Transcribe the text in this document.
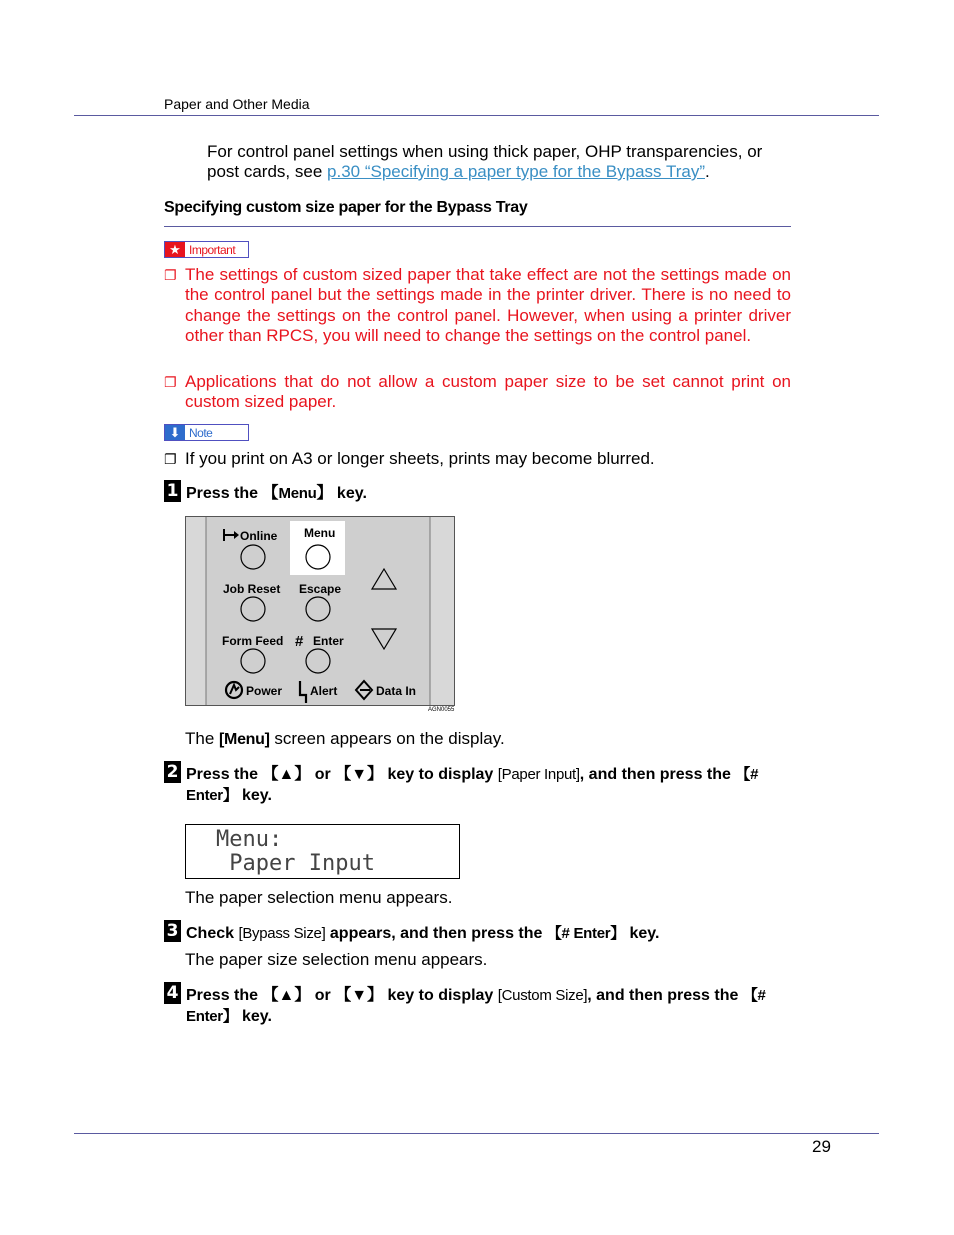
Paper and Other Media
For control panel settings when using thick paper, OHP transparencies, or post cards, see p.30 “Specifying a paper type for the Bypass Tray”.
Specifying custom size paper for the Bypass Tray
★ Important
❐ The settings of custom sized paper that take effect are not the settings made on the control panel but the settings made in the printer driver. There is no need to change the settings on the control panel. However, when using a printer driver other than RPCS, you will need to change the settings on the control panel.
❐ Applications that do not allow a custom paper size to be set cannot print on custom sized paper.
⬇ Note
❐ If you print on A3 or longer sheets, prints may become blurred.
1 Press the 【Menu】 key.
Online Menu
Job Reset Escape
Form Feed # Enter
Power Alert	Data In
AGN0055
The [Menu] screen appears on the display.
2 Press the 【▲】 or 【▼】 key to display [Paper Input], and then press the 【# Enter】 key.
Menu:
Paper Input
The paper selection menu appears.
3 Check [Bypass Size] appears, and then press the 【# Enter】 key.
The paper size selection menu appears.
4 Press the 【▲】 or 【▼】 key to display [Custom Size], and then press the 【# Enter】 key.
29
